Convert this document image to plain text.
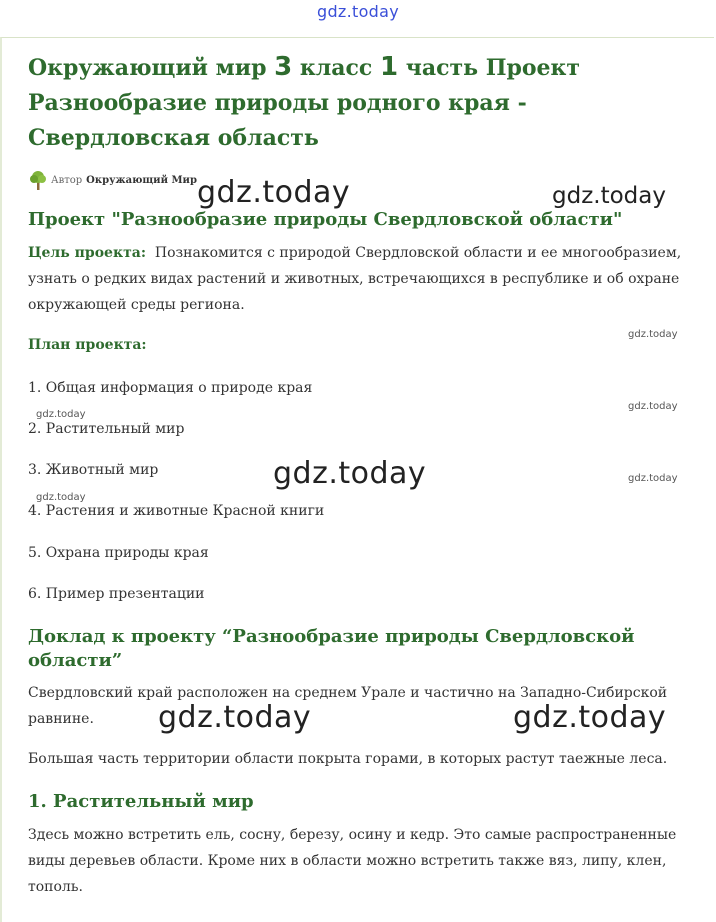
gdz.today
Окружающий мир 3 класс 1 часть Проект Разнообразие природы родного края - Свердловская область
Автор Окружающий Мир
Проект "Разнообразие природы Свердловской области"
Цель проекта: Познакомится с природой Свердловской области и ее многообразием, узнать о редких видах растений и животных, встречающихся в республике и об охране окружающей среды региона.
План проекта:
1. Общая информация о природе края
2. Растительный мир
3. Животный мир
4. Растения и животные Красной книги
5. Охрана природы края
6. Пример презентации
Доклад к проекту “Разнообразие природы Свердловской области”
Свердловский край расположен на среднем Урале и частично на Западно-Сибирской равнине.
Большая часть территории области покрыта горами, в которых растут таежные леса.
1. Растительный мир
Здесь можно встретить ель, сосну, березу, осину и кедр. Это самые распространенные виды деревьев области. Кроме них в области можно встретить также вяз, липу, клен, тополь.
gdz.today	gdz.today
gdz.today
gdz.today
gdz.today
gdz.today	gdz.today
gdz.today
gdz.today	gdz.today
